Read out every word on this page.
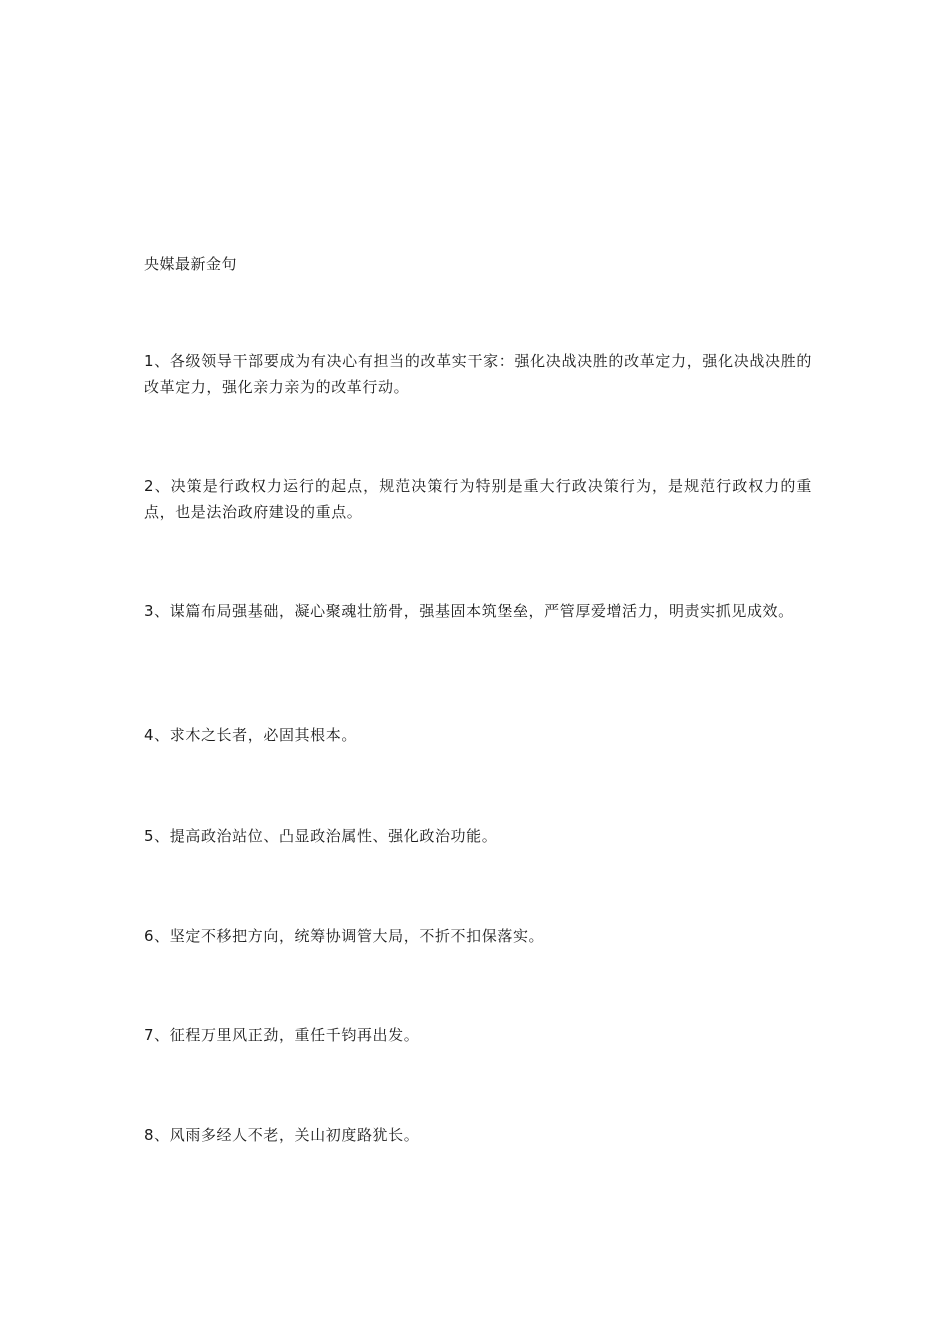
央媒最新金句

1、各级领导干部要成为有决心有担当的改革实干家：强化决战决胜的改革定力，强化决战决胜的改革定力，强化亲力亲为的改革行动。

2、决策是行政权力运行的起点，规范决策行为特别是重大行政决策行为，是规范行政权力的重点，也是法治政府建设的重点。

3、谋篇布局强基础，凝心聚魂壮筋骨，强基固本筑堡垒，严管厚爱增活力，明责实抓见成效。

4、求木之长者，必固其根本。

5、提高政治站位、凸显政治属性、强化政治功能。

6、坚定不移把方向，统筹协调管大局，不折不扣保落实。

7、征程万里风正劲，重任千钧再出发。

8、风雨多经人不老，关山初度路犹长。
